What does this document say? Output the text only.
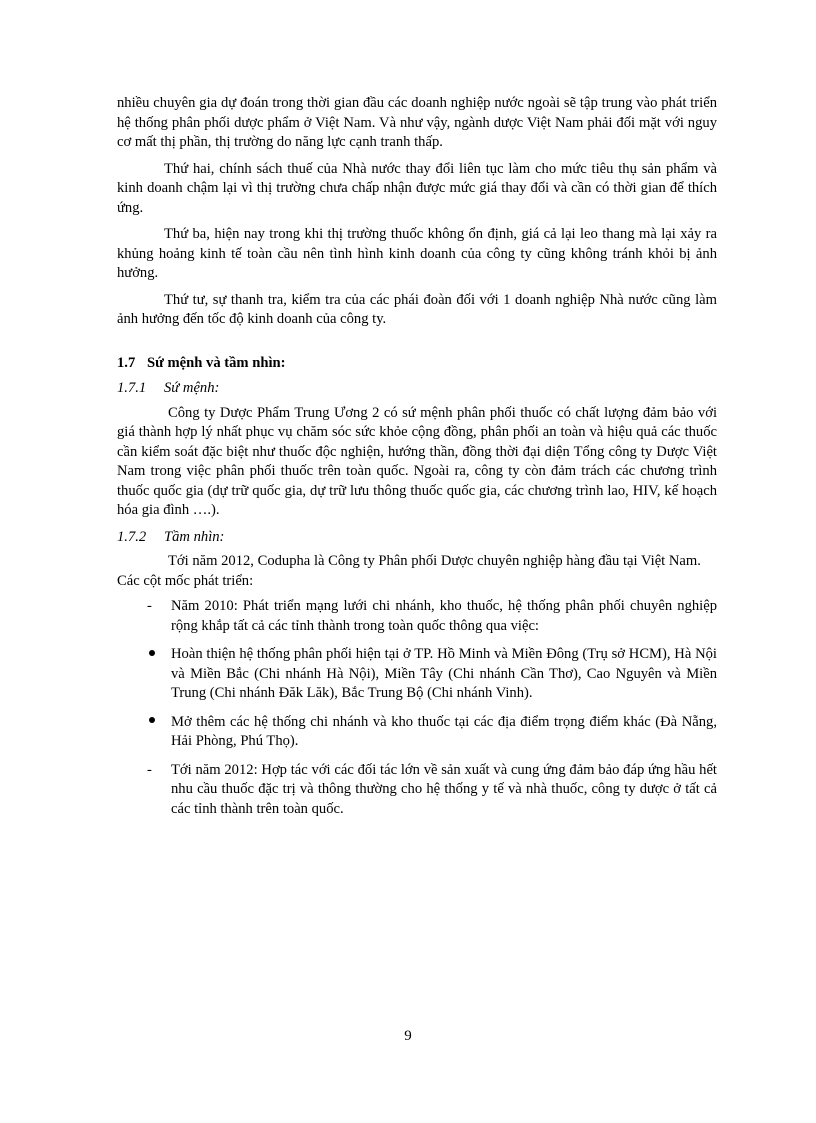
nhiều chuyên gia dự đoán trong thời gian đầu các doanh nghiệp nước ngoài sẽ tập trung vào phát triển hệ thống phân phối dược phẩm ở Việt Nam. Và như vậy, ngành dược Việt Nam phải đối mặt với nguy cơ mất thị phần, thị trường do năng lực cạnh tranh thấp.

Thứ hai, chính sách thuế của Nhà nước thay đổi liên tục làm cho mức tiêu thụ sản phẩm và kinh doanh chậm lại vì thị trường chưa chấp nhận được mức giá thay đổi và cần có thời gian để thích ứng.

Thứ ba, hiện nay trong khi thị trường thuốc không ổn định, giá cả lại leo thang mà lại xảy ra khủng hoảng kinh tế toàn cầu nên tình hình kinh doanh của công ty cũng không tránh khỏi bị ảnh hưởng.

Thứ tư, sự thanh tra, kiểm tra của các phái đoàn đối với 1 doanh nghiệp Nhà nước cũng làm ảnh hưởng đến tốc độ kinh doanh của công ty.

1.7 Sứ mệnh và tầm nhìn:
1.7.1	Sứ mệnh:

Công ty Dược Phẩm Trung Ương 2 có sứ mệnh phân phối thuốc có chất lượng đảm bảo với giá thành hợp lý nhất phục vụ chăm sóc sức khỏe cộng đồng, phân phối an toàn và hiệu quả các thuốc cần kiểm soát đặc biệt như thuốc độc nghiện, hướng thần, đồng thời đại diện Tổng công ty Dược Việt Nam trong việc phân phối thuốc trên toàn quốc. Ngoài ra, công ty còn đảm trách các chương trình thuốc quốc gia (dự trữ quốc gia, dự trữ lưu thông thuốc quốc gia, các chương trình lao, HIV, kế hoạch hóa gia đình ….).

1.7.2	Tầm nhìn:

Tới năm 2012, Codupha là Công ty Phân phối Dược chuyên nghiệp hàng đầu tại Việt Nam.

Các cột mốc phát triển:

-	Năm 2010: Phát triển mạng lưới chi nhánh, kho thuốc, hệ thống phân phối chuyên nghiệp rộng khắp tất cả các tỉnh thành trong toàn quốc thông qua việc:
Hoàn thiện hệ thống phân phối hiện tại ở TP. Hồ Minh và Miền Đông (Trụ sở HCM), Hà Nội và Miền Bắc (Chi nhánh Hà Nội), Miền Tây (Chi nhánh Cần Thơ), Cao Nguyên và Miền Trung (Chi nhánh Đăk Lăk), Bắc Trung Bộ (Chi nhánh Vinh).
Mở thêm các hệ thống chi nhánh và kho thuốc tại các địa điểm trọng điểm khác (Đà Nẵng, Hải Phòng, Phú Thọ).
-	Tới năm 2012: Hợp tác với các đối tác lớn về sản xuất và cung ứng đảm bảo đáp ứng hầu hết nhu cầu thuốc đặc trị và thông thường cho hệ thống y tế và nhà thuốc, công ty dược ở tất cả các tỉnh thành trên toàn quốc.
9
